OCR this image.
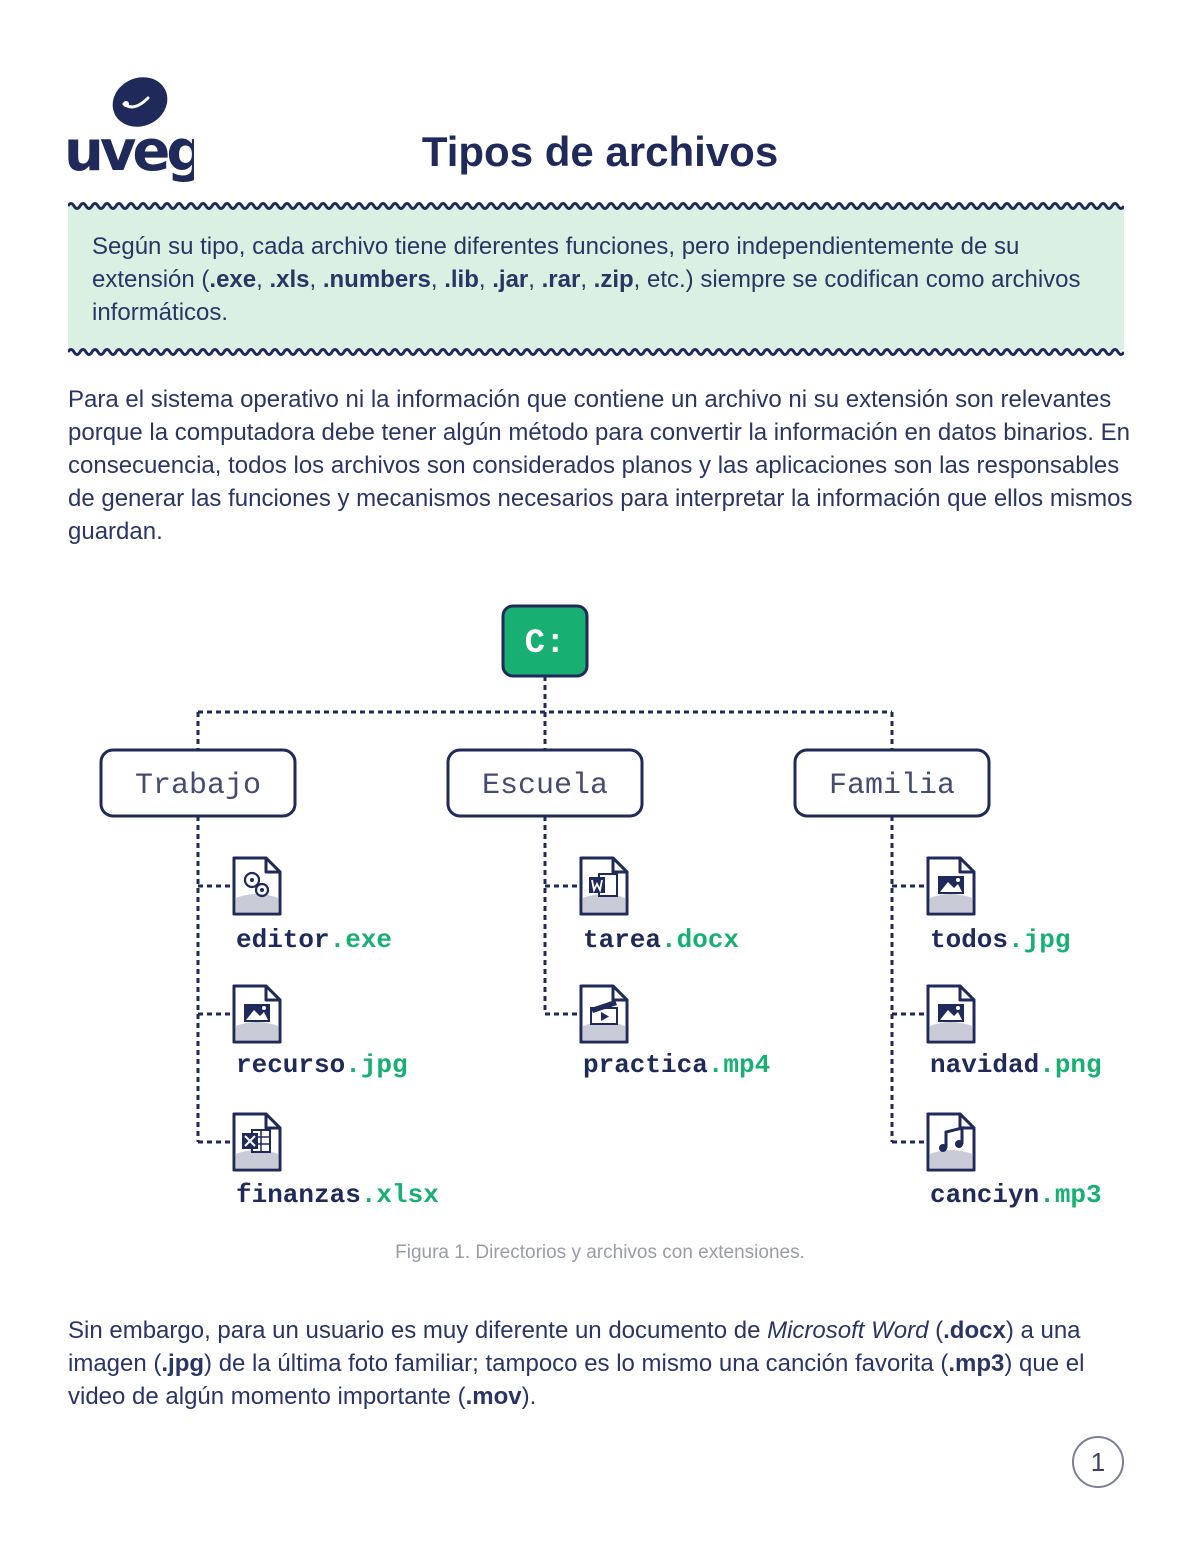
uveg	Tipos de archivos
Según su tipo, cada archivo tiene diferentes funciones, pero independientemente de su extensión (.exe, .xls, .numbers, .lib, .jar, .rar, .zip, etc.) siempre se codifican como archivos informáticos.
Para el sistema operativo ni la información que contiene un archivo ni su extensión son relevantes porque la computadora debe tener algún método para convertir la información en datos binarios. En consecuencia, todos los archivos son considerados planos y las aplicaciones son las responsables de generar las funciones y mecanismos necesarios para interpretar la información que ellos mismos guardan.
C:
Trabajo	Escuela	Familia
editor.exe
recurso.jpg
finanzas.xlsx
tarea.docx
practica.mp4
todos.jpg
navidad.png
canciyn.mp3
Figura 1. Directorios y archivos con extensiones.
Sin embargo, para un usuario es muy diferente un documento de Microsoft Word (.docx) a una imagen (.jpg) de la última foto familiar; tampoco es lo mismo una canción favorita (.mp3) que el video de algún momento importante (.mov).
1
